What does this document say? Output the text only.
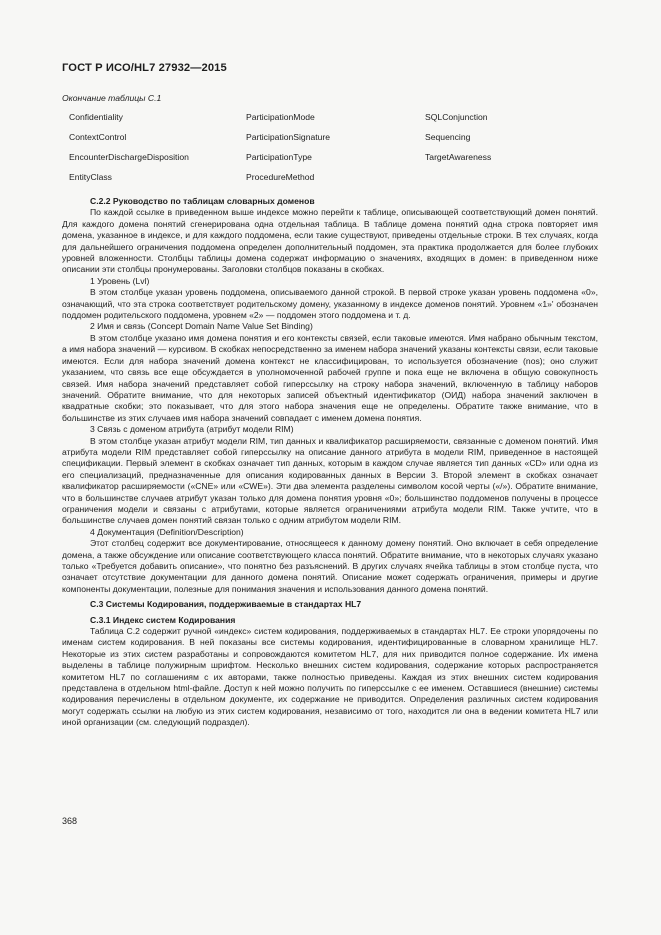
ГОСТ Р ИСО/HL7 27932—2015
Окончание таблицы С.1
Confidentiality	ParticipationMode	SQLConjunction
ContextControl	ParticipationSignature	Sequencing
EncounterDischargeDisposition	ParticipationType	TargetAwareness
EntityClass	ProcedureMethod

С.2.2 Руководство по таблицам словарных доменов

По каждой ссылке в приведенном выше индексе можно перейти к таблице, описывающей соответствующий домен понятий. Для каждого домена понятий сгенерирована одна отдельная таблица. В таблице домена понятий одна строка повторяет имя домена, указанное в индексе, и для каждого поддомена, если такие существуют, приведены отдельные строки. В тех случаях, когда для дальнейшего ограничения поддомена определен дополнительный поддомен, эта практика продолжается для более глубоких уровней вложенности. Столбцы таблицы домена содержат информацию о значениях, входящих в домен: в приведенном ниже описании эти столбцы пронумерованы. Заголовки столбцов показаны в скобках.

1 Уровень (Lvl)

В этом столбце указан уровень поддомена, описываемого данной строкой. В первой строке указан уровень поддомена «0», означающий, что эта строка соответствует родительскому домену, указанному в индексе доменов понятий. Уровнем «1»' обозначен поддомен родительского поддомена, уровнем «2» — поддомен этого поддомена и т. д.

2 Имя и связь (Concept Domain Name Value Set Binding)

В этом столбце указано имя домена понятия и его контексты связей, если таковые имеются. Имя набрано обычным текстом, а имя набора значений — курсивом. В скобках непосредственно за именем набора значений указаны контексты связи, если таковые имеются. Если для набора значений домена контекст не классифицирован, то используется обозначение (nos); оно служит указанием, что связь все еще обсуждается в уполномоченной рабочей группе и пока еще не включена в общую совокупность связей. Имя набора значений представляет собой гиперссылку на строку набора значений, включенную в таблицу наборов значений. Обратите внимание, что для некоторых записей объектный идентификатор (ОИД) набора значений заключен в квадратные скобки; это показывает, что для этого набора значения еще не определены. Обратите также внимание, что в большинстве из этих случаев имя набора значений совпадает с именем домена понятия.

3 Связь с доменом атрибута (атрибут модели RIM)

В этом столбце указан атрибут модели RIM, тип данных и квалификатор расширяемости, связанные с доменом понятий. Имя атрибута модели RIM представляет собой гиперссылку на описание данного атрибута в модели RIM, приведенное в настоящей спецификации. Первый элемент в скобках означает тип данных, которым в каждом случае является тип данных «CD» или одна из его специализаций, предназначенные для описания кодированных данных в Версии 3. Второй элемент в скобках означает квалификатор расширяемости («CNE» или «CWE»). Эти два элемента разделены символом косой черты («/»). Обратите внимание, что в большинстве случаев атрибут указан только для домена понятия уровня «0»; большинство поддоменов получены в процессе ограничения модели и связаны с атрибутами, которые является ограничениями атрибута модели RIM. Также учтите, что в большинстве случаев домен понятий связан только с одним атрибутом модели RIM.

4 Документация (Definition/Description)

Этот столбец содержит все документирование, относящееся к данному домену понятий. Оно включает в себя определение домена, а также обсуждение или описание соответствующего класса понятий. Обратите внимание, что в некоторых случаях указано только «Требуется добавить описание», что понятно без разъяснений. В других случаях ячейка таблицы в этом столбце пуста, что означает отсутствие документации для данного домена понятий. Описание может содержать ограничения, примеры и другие компоненты документации, полезные для понимания значения и использования данного домена понятий.

С.3 Системы Кодирования, поддерживаемые в стандартах HL7

С.3.1 Индекс систем Кодирования

Таблица С.2 содержит ручной «индекс» систем кодирования, поддерживаемых в стандартах HL7. Ее строки упорядочены по именам систем кодирования. В ней показаны все системы кодирования, идентифицированные в словарном хранилище HL7. Некоторые из этих систем разработаны и сопровождаются комитетом HL7, для них приводится полное содержание. Их имена выделены в таблице полужирным шрифтом. Несколько внешних систем кодирования, содержание которых распространяется комитетом HL7 по соглашениям с их авторами, также полностью приведены. Каждая из этих внешних систем кодирования представлена в отдельном html-файле. Доступ к ней можно получить по гиперссылке с ее именем. Оставшиеся (внешние) системы кодирования перечислены в отдельном документе, их содержание не приводится. Определения различных систем кодирования могут содержать ссылки на любую из этих систем кодирования, независимо от того, находится ли она в ведении комитета HL7 или иной организации (см. следующий подраздел).

368
